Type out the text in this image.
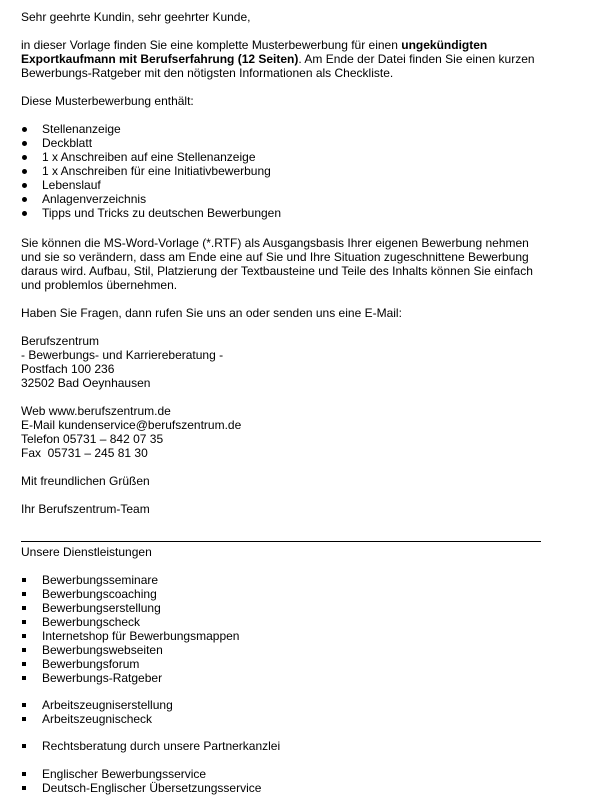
Sehr geehrte Kundin, sehr geehrter Kunde,

in dieser Vorlage finden Sie eine komplette Musterbewerbung für einen ungekündigten Exportkaufmann mit Berufserfahrung (12 Seiten). Am Ende der Datei finden Sie einen kurzen Bewerbungs-Ratgeber mit den nötigsten Informationen als Checkliste.

Diese Musterbewerbung enthält:

Stellenanzeige
Deckblatt
1 x Anschreiben auf eine Stellenanzeige
1 x Anschreiben für eine Initiativbewerbung
Lebenslauf
Anlagenverzeichnis
Tipps und Tricks zu deutschen Bewerbungen

Sie können die MS-Word-Vorlage (*.RTF) als Ausgangsbasis Ihrer eigenen Bewerbung nehmen und sie so verändern, dass am Ende eine auf Sie und Ihre Situation zugeschnittene Bewerbung daraus wird. Aufbau, Stil, Platzierung der Textbausteine und Teile des Inhalts können Sie einfach und problemlos übernehmen.

Haben Sie Fragen, dann rufen Sie uns an oder senden uns eine E-Mail:

Berufszentrum
- Bewerbungs- und Karriereberatung -
Postfach 100 236
32502 Bad Oeynhausen
Web www.berufszentrum.de
E-Mail kundenservice@berufszentrum.de
Telefon 05731 – 842 07 35
Fax  05731 – 245 81 30

Mit freundlichen Grüßen

Ihr Berufszentrum-Team

Unsere Dienstleistungen

Bewerbungsseminare
Bewerbungscoaching
Bewerbungserstellung
Bewerbungscheck
Internetshop für Bewerbungsmappen
Bewerbungswebseiten
Bewerbungsforum
Bewerbungs-Ratgeber
Arbeitszeugniserstellung
Arbeitszeugnischeck
Rechtsberatung durch unsere Partnerkanzlei
Englischer Bewerbungsservice
Deutsch-Englischer Übersetzungsservice
